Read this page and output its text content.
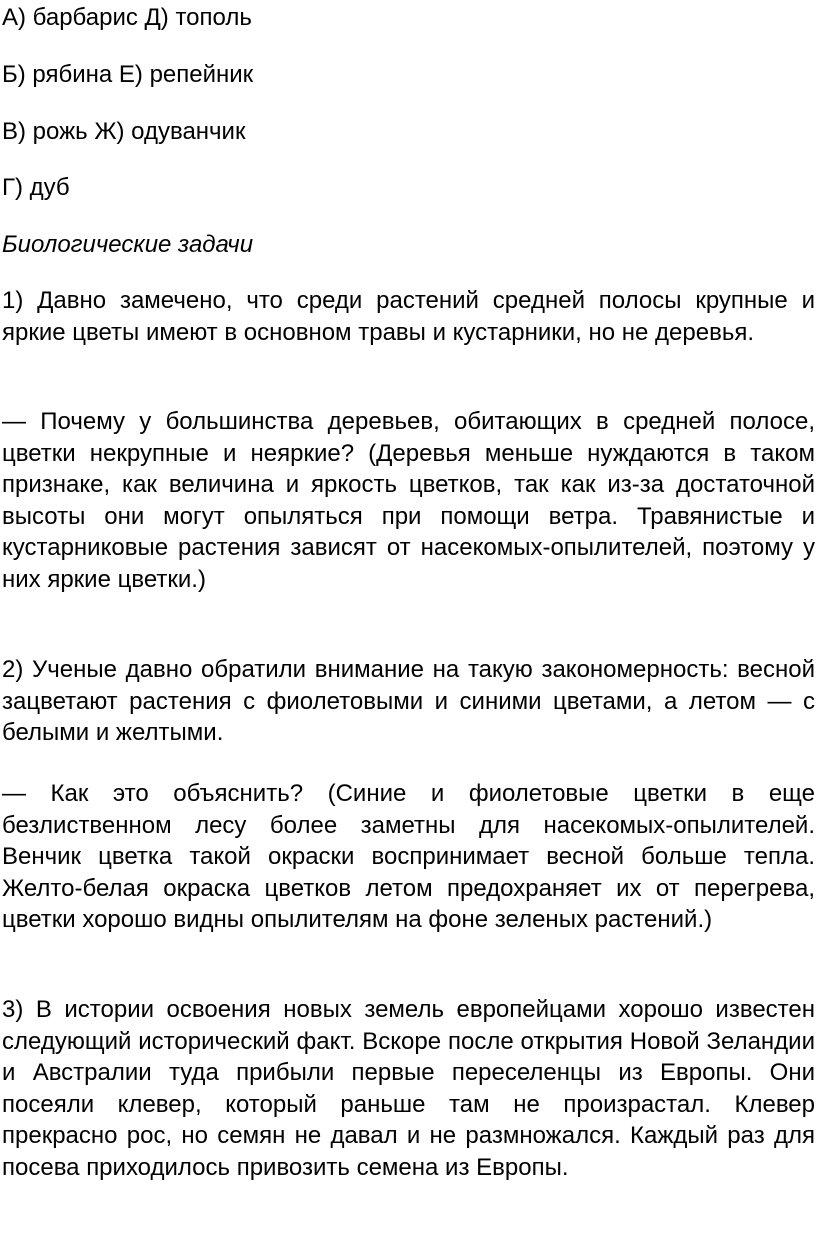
А) барбарис Д) тополь

Б) рябина Е) репейник

В) рожь Ж) одуванчик

Г) дуб

Биологические задачи

1) Давно замечено, что среди растений средней полосы крупные и яркие цветы имеют в основном травы и кустарники, но не деревья.

— Почему у большинства деревьев, обитающих в средней полосе, цветки некрупные и неяркие? (Деревья меньше нуждаются в таком признаке, как величина и яркость цветков, так как из-за достаточной высоты они могут опыляться при помощи ветра. Травянистые и кустарниковые растения зависят от насекомых-опылителей, поэтому у них яркие цветки.)

2) Ученые давно обратили внимание на такую закономерность: весной зацветают растения с фиолетовыми и синими цветами, а летом — с белыми и желтыми.

— Как это объяснить? (Синие и фиолетовые цветки в еще безлиственном лесу более заметны для насекомых-опылителей. Венчик цветка такой окраски воспринимает весной больше тепла. Желто-белая окраска цветков летом предохраняет их от перегрева, цветки хорошо видны опылителям на фоне зеленых растений.)

3) В истории освоения новых земель европейцами хорошо известен следующий исторический факт. Вскоре после открытия Новой Зеландии и Австралии туда прибыли первые переселенцы из Европы. Они посеяли клевер, который раньше там не произрастал. Клевер прекрасно рос, но семян не давал и не размножался. Каждый раз для посева приходилось привозить семена из Европы.
